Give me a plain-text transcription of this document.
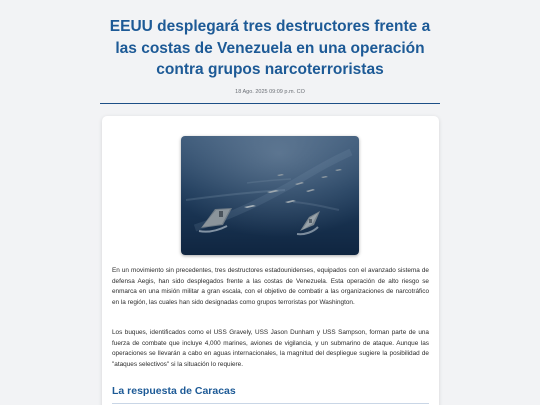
EEUU desplegará tres destructores frente a las costas de Venezuela en una operación contra grupos narcoterroristas
18 Ago. 2025 09:09 p.m. CO

En un movimiento sin precedentes, tres destructores estadounidenses, equipados con el avanzado sistema de defensa Aegis, han sido desplegados frente a las costas de Venezuela. Esta operación de alto riesgo se enmarca en una misión militar a gran escala, con el objetivo de combatir a las organizaciones de narcotráfico en la región, las cuales han sido designadas como grupos terroristas por Washington.

Los buques, identificados como el USS Gravely, USS Jason Dunham y USS Sampson, forman parte de una fuerza de combate que incluye 4,000 marines, aviones de vigilancia, y un submarino de ataque. Aunque las operaciones se llevarán a cabo en aguas internacionales, la magnitud del despliegue sugiere la posibilidad de "ataques selectivos" si la situación lo requiere.

La respuesta de Caracas
